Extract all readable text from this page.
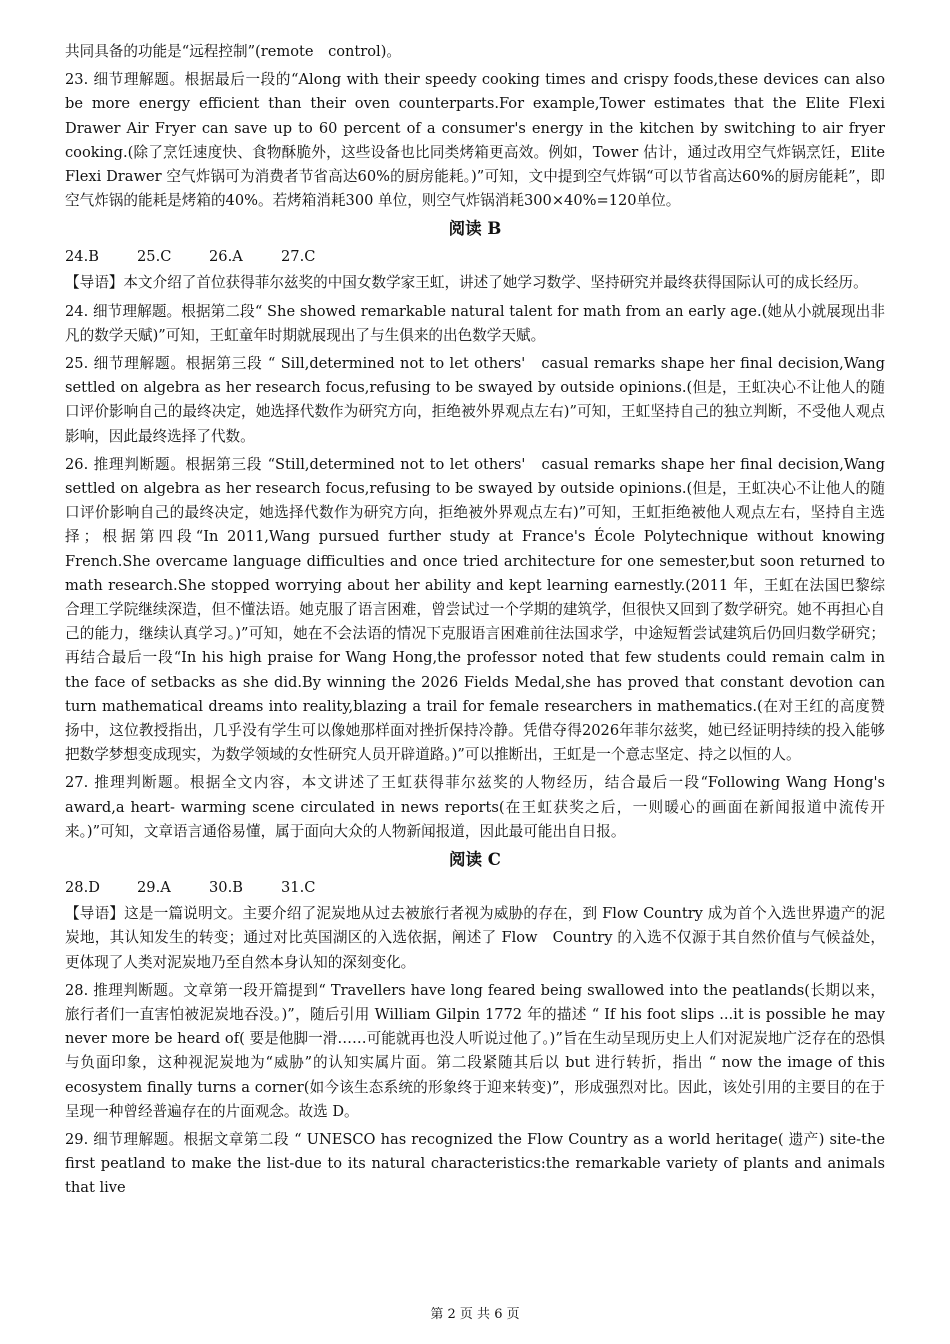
共同具备的功能是“远程控制”(remote　control)。

23. 细节理解题。根据最后一段的“Along with their speedy cooking times and crispy foods,these devices can also be more energy efficient than their oven counterparts.For example,Tower estimates that the Elite Flexi Drawer Air Fryer can save up to 60 percent of a consumer's energy in the kitchen by switching to air fryer cooking.(除了烹饪速度快、食物酥脆外，这些设备也比同类烤箱更高效。例如，Tower 估计，通过改用空气炸锅烹饪，Elite Flexi Drawer 空气炸锅可为消费者节省高达60%的厨房能耗。)”可知，文中提到空气炸锅“可以节省高达60%的厨房能耗”，即空气炸锅的能耗是烤箱的40%。若烤箱消耗300 单位，则空气炸锅消耗300×40%=120单位。

阅读 B
24.B	25.C	26.A	27.C

【导语】本文介绍了首位获得菲尔兹奖的中国女数学家王虹，讲述了她学习数学、坚持研究并最终获得国际认可的成长经历。

24. 细节理解题。根据第二段“ She showed remarkable natural talent for math from an early age.(她从小就展现出非凡的数学天赋)”可知，王虹童年时期就展现出了与生俱来的出色数学天赋。

25. 细节理解题。根据第三段 “ Sill,determined not to let others'　casual remarks shape her final decision,Wang settled on algebra as her research focus,refusing to be swayed by outside opinions.(但是，王虹决心不让他人的随口评价影响自己的最终决定，她选择代数作为研究方向，拒绝被外界观点左右)”可知，王虹坚持自己的独立判断，不受他人观点影响，因此最终选择了代数。

26. 推理判断题。根据第三段 “Still,determined not to let others'　casual remarks shape her final decision,Wang settled on algebra as her research focus,refusing to be swayed by outside opinions.(但是，王虹决心不让他人的随口评价影响自己的最终决定，她选择代数作为研究方向，拒绝被外界观点左右)”可知，王虹拒绝被他人观点左右，坚持自主选择；根据第四段“In 2011,Wang pursued further study at France's École Polytechnique without knowing French.She overcame language difficulties and once tried architecture for one semester,but soon returned to math research.She stopped worrying about her ability and kept learning earnestly.(2011 年，王虹在法国巴黎综合理工学院继续深造，但不懂法语。她克服了语言困难，曾尝试过一个学期的建筑学，但很快又回到了数学研究。她不再担心自己的能力，继续认真学习。)”可知，她在不会法语的情况下克服语言困难前往法国求学，中途短暂尝试建筑后仍回归数学研究；再结合最后一段“In his high praise for Wang Hong,the professor noted that few students could remain calm in the face of setbacks as she did.By winning the 2026 Fields Medal,she has proved that constant devotion can turn mathematical dreams into reality,blazing a trail for female researchers in mathematics.(在对王红的高度赞扬中，这位教授指出，几乎没有学生可以像她那样面对挫折保持冷静。凭借夺得2026年菲尔兹奖，她已经证明持续的投入能够把数学梦想变成现实，为数学领域的女性研究人员开辟道路。)”可以推断出，王虹是一个意志坚定、持之以恒的人。

27. 推理判断题。根据全文内容，本文讲述了王虹获得菲尔兹奖的人物经历，结合最后一段“Following Wang Hong's award,a heart- warming scene circulated in news reports(在王虹获奖之后，一则暖心的画面在新闻报道中流传开来。)”可知，文章语言通俗易懂，属于面向大众的人物新闻报道，因此最可能出自日报。

阅读 C
28.D	29.A	30.B	31.C

【导语】这是一篇说明文。主要介绍了泥炭地从过去被旅行者视为威胁的存在，到 Flow Country 成为首个入选世界遗产的泥炭地，其认知发生的转变；通过对比英国湖区的入选依据，阐述了 Flow　Country 的入选不仅源于其自然价值与气候益处，更体现了人类对泥炭地乃至自然本身认知的深刻变化。

28. 推理判断题。文章第一段开篇提到“ Travellers have long feared being swallowed into the peatlands(长期以来，旅行者们一直害怕被泥炭地吞没。)”，随后引用 William Gilpin 1772 年的描述 “ If his foot slips ...it is possible he may never more be heard of( 要是他脚一滑……可能就再也没人听说过他了。)”旨在生动呈现历史上人们对泥炭地广泛存在的恐惧与负面印象，这种视泥炭地为“威胁”的认知实属片面。第二段紧随其后以 but 进行转折，指出 “ now the image of this ecosystem finally turns a corner(如今该生态系统的形象终于迎来转变)”，形成强烈对比。因此，该处引用的主要目的在于呈现一种曾经普遍存在的片面观念。故选 D。

29. 细节理解题。根据文章第二段 “ UNESCO has recognized the Flow Country as a world heritage( 遗产) site-the first peatland to make the list-due to its natural characteristics:the remarkable variety of plants and animals that live

第 2 页 共 6 页
